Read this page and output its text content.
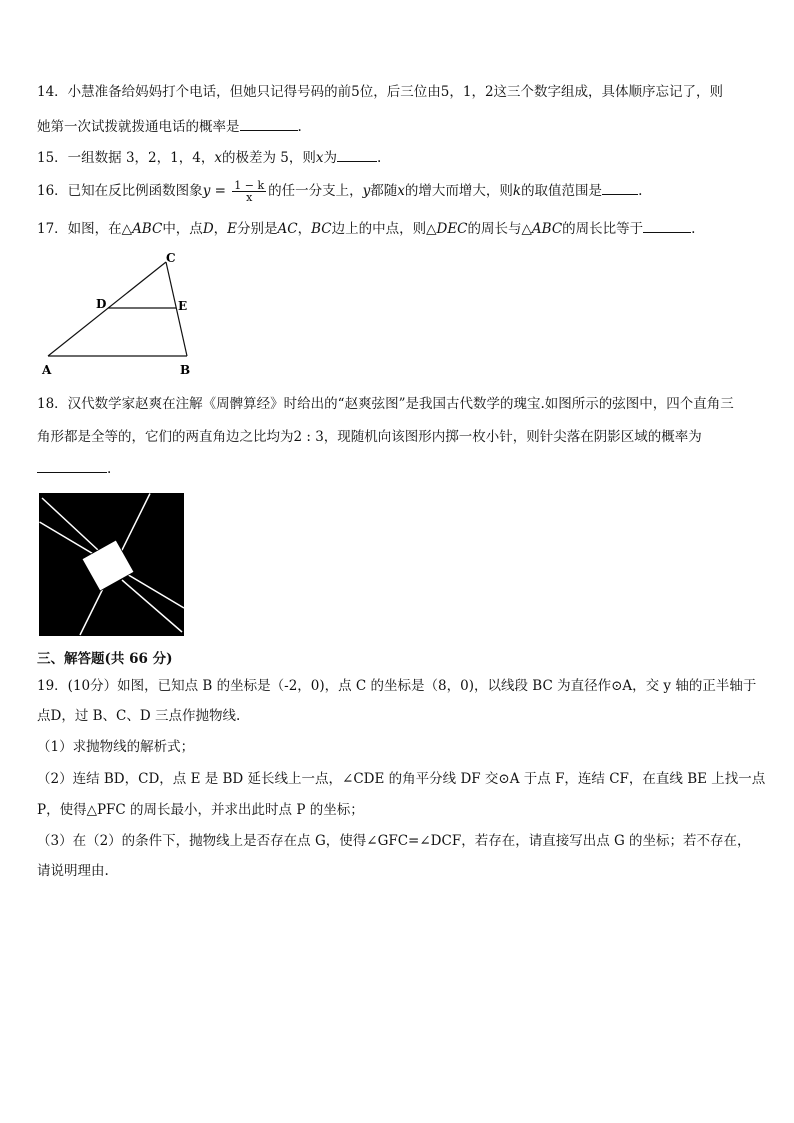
14．小慧准备给妈妈打个电话，但她只记得号码的前5位，后三位由5，1，2这三个数字组成，具体顺序忘记了，则
她第一次试拨就拨通电话的概率是	.
15．一组数据 3，2，1，4，x的极差为 5，则x为	.
16．已知在反比例函数图象$y = \frac{1 - k}{x}$ 的任一分支上，y都随x的增大而增大，则k的取值范围是	.
17．如图，在△ABC中，点D，E分别是AC，BC边上的中点，则△DEC的周长与△ABC的周长比等于	.
C
D	E
A	B
18．汉代数学家赵爽在注解《周髀算经》时给出的“赵爽弦图”是我国古代数学的瑰宝.如图所示的弦图中，四个直角三
角形都是全等的，它们的两直角边之比均为2 : 3，现随机向该图形内掷一枚小针，则针尖落在阴影区域的概率为
.
三、解答题(共 66 分)
19．(10分）如图，已知点 B 的坐标是（-2，0)，点 C 的坐标是（8，0)，以线段 BC 为直径作⊙A，交 y 轴的正半轴于
点D，过 B、C、D 三点作抛物线.
（1）求抛物线的解析式；
（2）连结 BD，CD，点 E 是 BD 延长线上一点，∠CDE 的角平分线 DF 交⊙A 于点 F，连结 CF，在直线 BE 上找一点
P，使得△PFC 的周长最小，并求出此时点 P 的坐标；
（3）在（2）的条件下，抛物线上是否存在点 G，使得∠GFC=∠DCF，若存在，请直接写出点 G 的坐标；若不存在，
请说明理由.
